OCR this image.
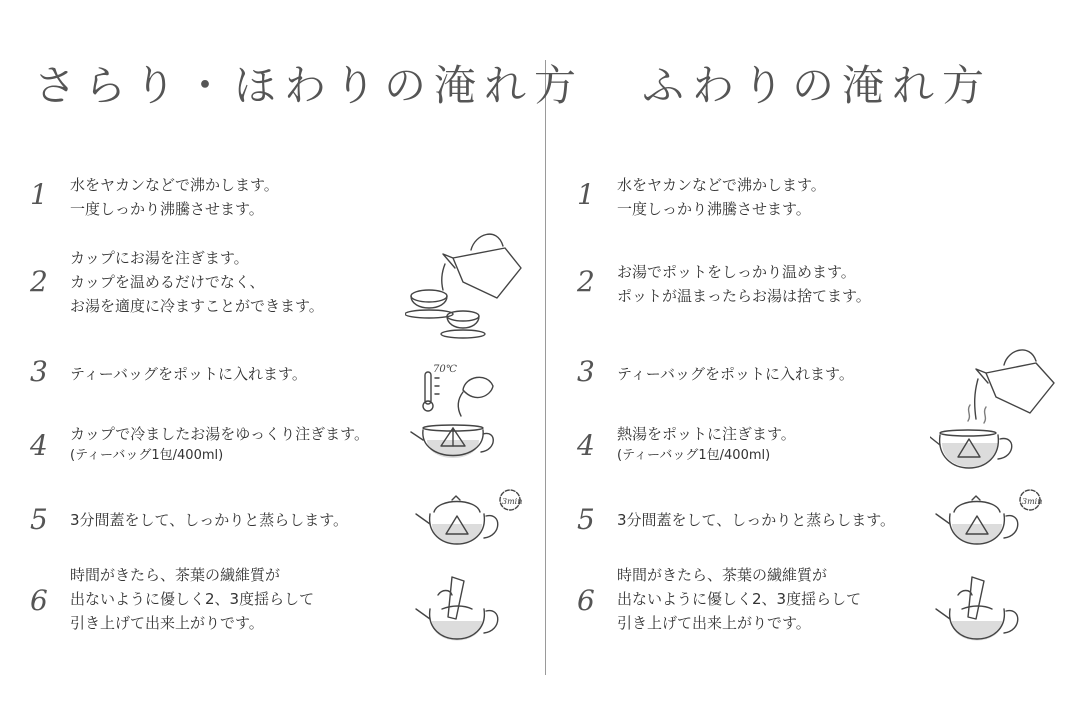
さらり・ほわりの淹れ方
1 水をヤカンなどで沸かします。
一度しっかり沸騰させます。
2
カップにお湯を注ぎます。
カップを温めるだけでなく、
お湯を適度に冷ますことができます。
3 ティーバッグをポットに入れます。
4 カップで冷ましたお湯をゆっくり注ぎます。
(ティーバッグ1包/400ml)
5 3分間蓋をして、しっかりと蒸らします。
6
時間がきたら、茶葉の繊維質が
出ないように優しく2、3度揺らして
引き上げて出来上がりです。
70℃
3min
ふわりの淹れ方
1 水をヤカンなどで沸かします。
一度しっかり沸騰させます。
2 お湯でポットをしっかり温めます。
ポットが温まったらお湯は捨てます。
3 ティーバッグをポットに入れます。
4 熱湯をポットに注ぎます。
(ティーバッグ1包/400ml)
5 3分間蓋をして、しっかりと蒸らします。
6
時間がきたら、茶葉の繊維質が
出ないように優しく2、3度揺らして
引き上げて出来上がりです。
3min
